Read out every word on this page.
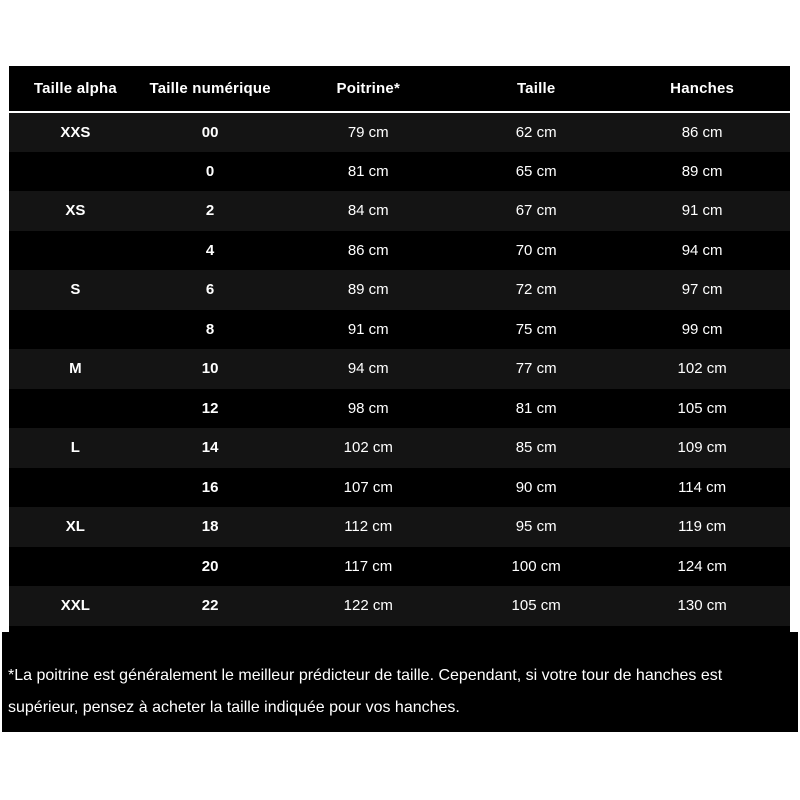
Taille alpha	Taille numérique	Poitrine*	Taille	Hanches
XXS	00	79 cm	62 cm	86 cm
	0	81 cm	65 cm	89 cm
XS	2	84 cm	67 cm	91 cm
	4	86 cm	70 cm	94 cm
S	6	89 cm	72 cm	97 cm
	8	91 cm	75 cm	99 cm
M	10	94 cm	77 cm	102 cm
	12	98 cm	81 cm	105 cm
L	14	102 cm	85 cm	109 cm
	16	107 cm	90 cm	114 cm
XL	18	112 cm	95 cm	119 cm
	20	117 cm	100 cm	124 cm
XXL	22	122 cm	105 cm	130 cm
*La poitrine est généralement le meilleur prédicteur de taille. Cependant, si votre tour de hanches est supérieur, pensez à acheter la taille indiquée pour vos hanches.
